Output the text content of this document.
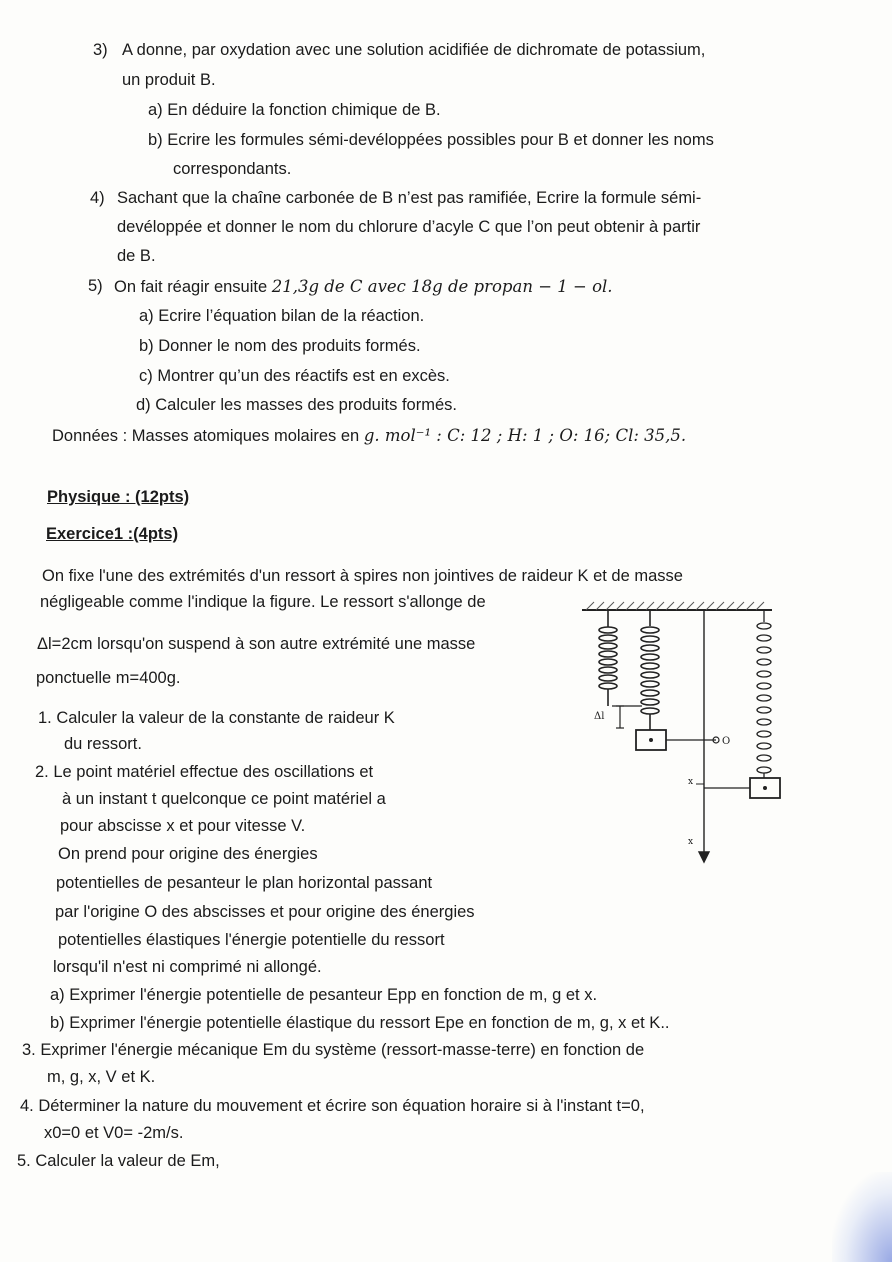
3) A donne, par oxydation avec une solution acidifiée de dichromate de potassium,
un produit B.
a) En déduire la fonction chimique de B.
b) Ecrire les formules sémi-devéloppées possibles pour B et donner les noms
correspondants.
4) Sachant que la chaîne carbonée de B n’est pas ramifiée, Ecrire la formule sémi-
devéloppée et donner le nom du chlorure d’acyle C que l’on peut obtenir à partir
de B.
5) On fait réagir ensuite 21,3g de C avec 18g de propan − 1 − ol.
a) Ecrire l’équation bilan de la réaction.
b) Donner le nom des produits formés.
c) Montrer qu’un des réactifs est en excès.
d) Calculer les masses des produits formés.
Données : Masses atomiques molaires en g. mol⁻¹ : C: 12 ; H: 1 ; O: 16; Cl: 35,5.
Physique : (12pts)
Exercice1 :(4pts)
On fixe l'une des extrémités d'un ressort à spires non jointives de raideur K et de masse
négligeable comme l'indique la figure. Le ressort s'allonge de
Δl=2cm lorsqu'on suspend à son autre extrémité une masse
ponctuelle m=400g.
1. Calculer la valeur de la constante de raideur K
du ressort.
2. Le point matériel effectue des oscillations et
à un instant t quelconque ce point matériel a
pour abscisse x et pour vitesse V.
On prend pour origine des énergies
potentielles de pesanteur le plan horizontal passant
par l'origine O des abscisses et pour origine des énergies
potentielles élastiques l'énergie potentielle du ressort
lorsqu'il n'est ni comprimé ni allongé.
a) Exprimer l'énergie potentielle de pesanteur Epp en fonction de m, g et x.
b) Exprimer l'énergie potentielle élastique du ressort Epe en fonction de m, g, x et K..
3. Exprimer l'énergie mécanique Em du système (ressort-masse-terre) en fonction de
m, g, x, V et K.
4. Déterminer la nature du mouvement et écrire son équation horaire si à l'instant t=0,
x0=0 et V0= -2m/s.
5. Calculer la valeur de Em,
Δl
O
x
x
